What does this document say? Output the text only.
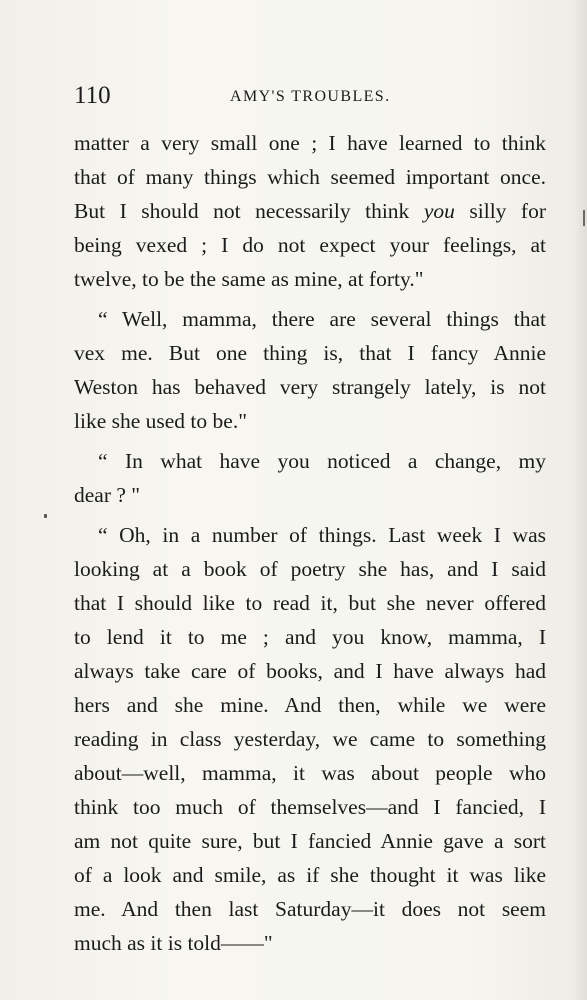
110	AMY'S TROUBLES.
matter a very small one ; I have learned to think
that of many things which seemed important once.
But I should not necessarily think you silly for
being vexed ; I do not expect your feelings, at
twelve, to be the same as mine, at forty."
“ Well, mamma, there are several things that
vex me. But one thing is, that I fancy Annie
Weston has behaved very strangely lately, is not
like she used to be."
“ In what have you noticed a change, my
dear ? "
“ Oh, in a number of things. Last week I was
looking at a book of poetry she has, and I said
that I should like to read it, but she never offered
to lend it to me ; and you know, mamma, I
always take care of books, and I have always had
hers and she mine. And then, while we were
reading in class yesterday, we came to something
about—well, mamma, it was about people who
think too much of themselves—and I fancied, I
am not quite sure, but I fancied Annie gave a sort
of a look and smile, as if she thought it was like
me. And then last Saturday—it does not seem
much as it is told——"
